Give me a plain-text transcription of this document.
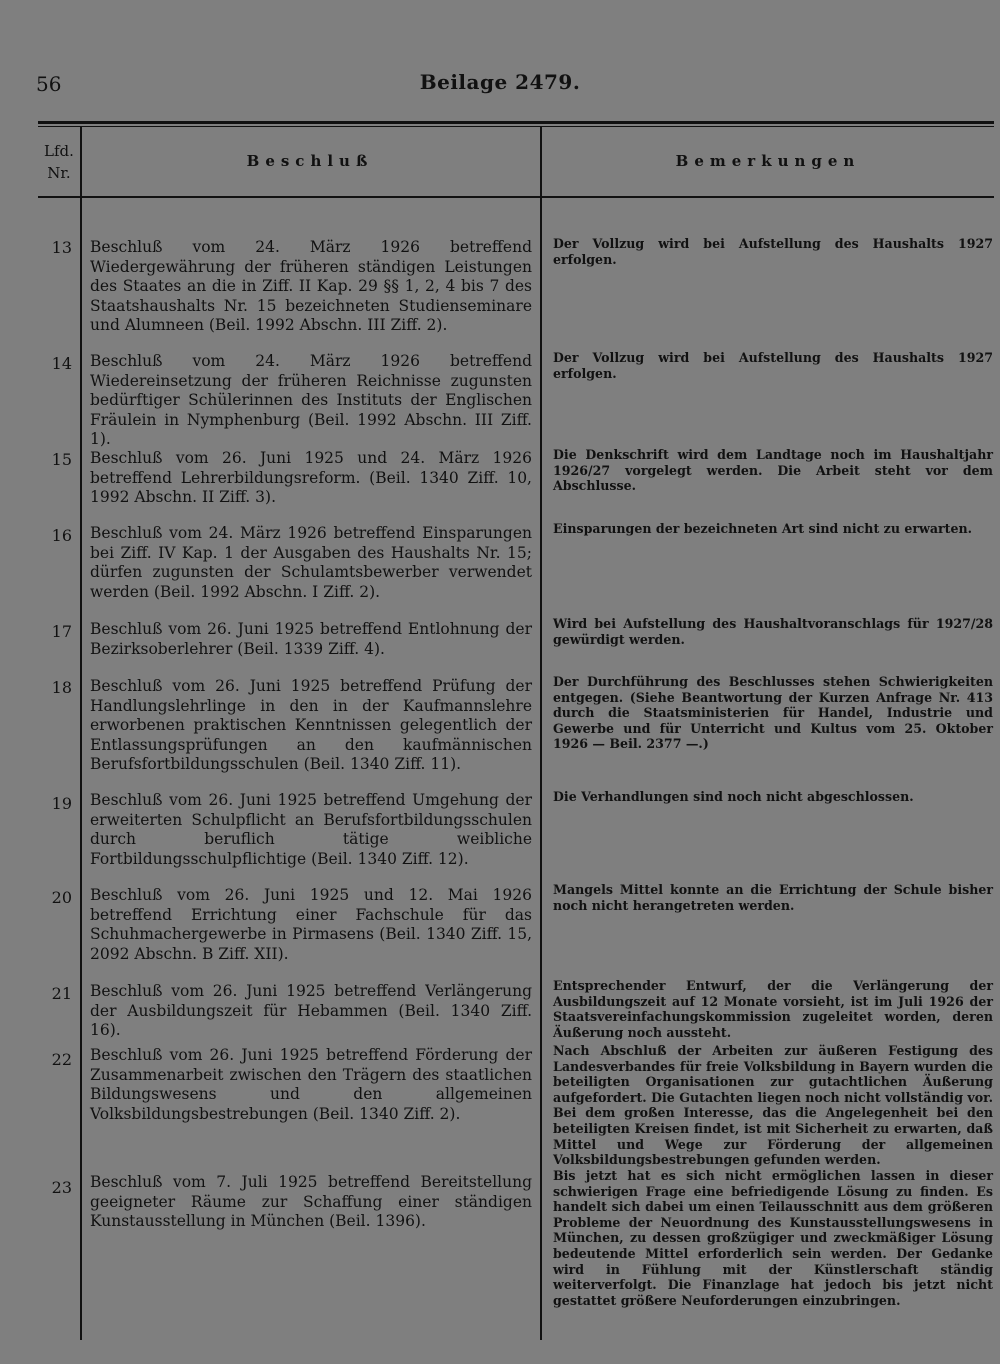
56	Beilage 2479.
Lfd.
Nr.
Beschluß	Bemerkungen
13 Beschluß vom 24. März 1926 betreffend Wiedergewährung der früheren ständigen Leistungen des Staates an die in Ziff. II Kap. 29 §§ 1, 2, 4 bis 7 des Staatshaushalts Nr. 15 bezeichneten Studienseminare und Alumneen (Beil. 1992 Abschn. III Ziff. 2).
Der Vollzug wird bei Aufstellung des Haushalts 1927 erfolgen.
14 Beschluß vom 24. März 1926 betreffend Wiedereinsetzung der früheren Reichnisse zugunsten bedürftiger Schülerinnen des Instituts der Englischen Fräulein in Nymphenburg (Beil. 1992 Abschn. III Ziff. 1).
Der Vollzug wird bei Aufstellung des Haushalts 1927 erfolgen.
15 Beschluß vom 26. Juni 1925 und 24. März 1926 betreffend Lehrerbildungsreform. (Beil. 1340 Ziff. 10, 1992 Abschn. II Ziff. 3).
Die Denkschrift wird dem Landtage noch im Haushaltjahr 1926/27 vorgelegt werden. Die Arbeit steht vor dem Abschlusse.
16 Beschluß vom 24. März 1926 betreffend Einsparungen bei Ziff. IV Kap. 1 der Ausgaben des Haushalts Nr. 15; dürfen zugunsten der Schulamtsbewerber verwendet werden (Beil. 1992 Abschn. I Ziff. 2).
Einsparungen der bezeichneten Art sind nicht zu erwarten.
17 Beschluß vom 26. Juni 1925 betreffend Entlohnung der Bezirksoberlehrer (Beil. 1339 Ziff. 4).
Wird bei Aufstellung des Haushaltvoranschlags für 1927/28 gewürdigt werden.
18 Beschluß vom 26. Juni 1925 betreffend Prüfung der Handlungslehrlinge in den in der Kaufmannslehre erworbenen praktischen Kenntnissen gelegentlich der Entlassungsprüfungen an den kaufmännischen Berufsfortbildungsschulen (Beil. 1340 Ziff. 11).
Der Durchführung des Beschlusses stehen Schwierigkeiten entgegen. (Siehe Beantwortung der Kurzen Anfrage Nr. 413 durch die Staatsministerien für Handel, Industrie und Gewerbe und für Unterricht und Kultus vom 25. Oktober 1926 — Beil. 2377 —.)
19 Beschluß vom 26. Juni 1925 betreffend Umgehung der erweiterten Schulpflicht an Berufsfortbildungsschulen durch beruflich tätige weibliche Fortbildungsschulpflichtige (Beil. 1340 Ziff. 12).
Die Verhandlungen sind noch nicht abgeschlossen.
20 Beschluß vom 26. Juni 1925 und 12. Mai 1926 betreffend Errichtung einer Fachschule für das Schuhmachergewerbe in Pirmasens (Beil. 1340 Ziff. 15, 2092 Abschn. B Ziff. XII).
Mangels Mittel konnte an die Errichtung der Schule bisher noch nicht herangetreten werden.
21 Beschluß vom 26. Juni 1925 betreffend Verlängerung der Ausbildungszeit für Hebammen (Beil. 1340 Ziff. 16).
Entsprechender Entwurf, der die Verlängerung der Ausbildungszeit auf 12 Monate vorsieht, ist im Juli 1926 der Staatsvereinfachungskommission zugeleitet worden, deren Äußerung noch aussteht.
22 Beschluß vom 26. Juni 1925 betreffend Förderung der Zusammenarbeit zwischen den Trägern des staatlichen Bildungswesens und den allgemeinen Volksbildungsbestrebungen (Beil. 1340 Ziff. 2).
Nach Abschluß der Arbeiten zur äußeren Festigung des Landesverbandes für freie Volksbildung in Bayern wurden die beteiligten Organisationen zur gutachtlichen Äußerung aufgefordert. Die Gutachten liegen noch nicht vollständig vor. Bei dem großen Interesse, das die Angelegenheit bei den beteiligten Kreisen findet, ist mit Sicherheit zu erwarten, daß Mittel und Wege zur Förderung der allgemeinen Volksbildungsbestrebungen gefunden werden.
23 Beschluß vom 7. Juli 1925 betreffend Bereitstellung geeigneter Räume zur Schaffung einer ständigen Kunstausstellung in München (Beil. 1396).
Bis jetzt hat es sich nicht ermöglichen lassen in dieser schwierigen Frage eine befriedigende Lösung zu finden. Es handelt sich dabei um einen Teilausschnitt aus dem größeren Probleme der Neuordnung des Kunstausstellungswesens in München, zu dessen großzügiger und zweckmäßiger Lösung bedeutende Mittel erforderlich sein werden. Der Gedanke wird in Fühlung mit der Künstlerschaft ständig weiterverfolgt. Die Finanzlage hat jedoch bis jetzt nicht gestattet größere Neuforderungen einzubringen.
